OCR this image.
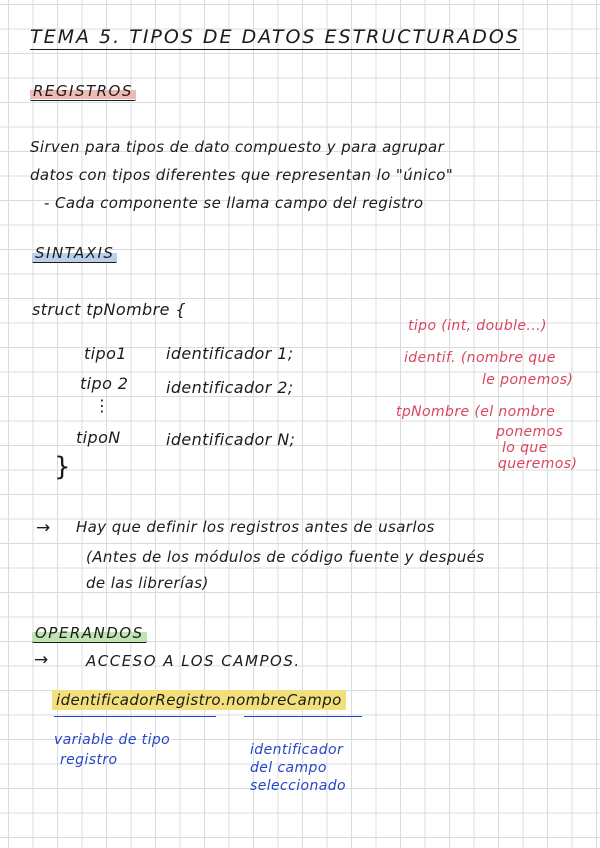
TEMA 5. TIPOS DE DATOS ESTRUCTURADOS
REGISTROS
Sirven para tipos de dato compuesto y para agrupar
datos con tipos diferentes que representan lo "único"
- Cada componente se llama campo del registro
SINTAXIS
struct tpNombre {
tipo1 identificador 1;
tipo 2 identificador 2;
⋮
tipoN	identificador N;
}
tipo (int, double...)
identif. (nombre que
le ponemos)
tpNombre (el nombre
ponemos
lo que
queremos)
→ Hay que definir los registros antes de usarlos
(Antes de los módulos de código fuente y después
de las librerías)
OPERANDOS
→	ACCESO A LOS CAMPOS.
identificadorRegistro.nombreCampo
variable de tipo
registro
identificador
del campo
seleccionado
